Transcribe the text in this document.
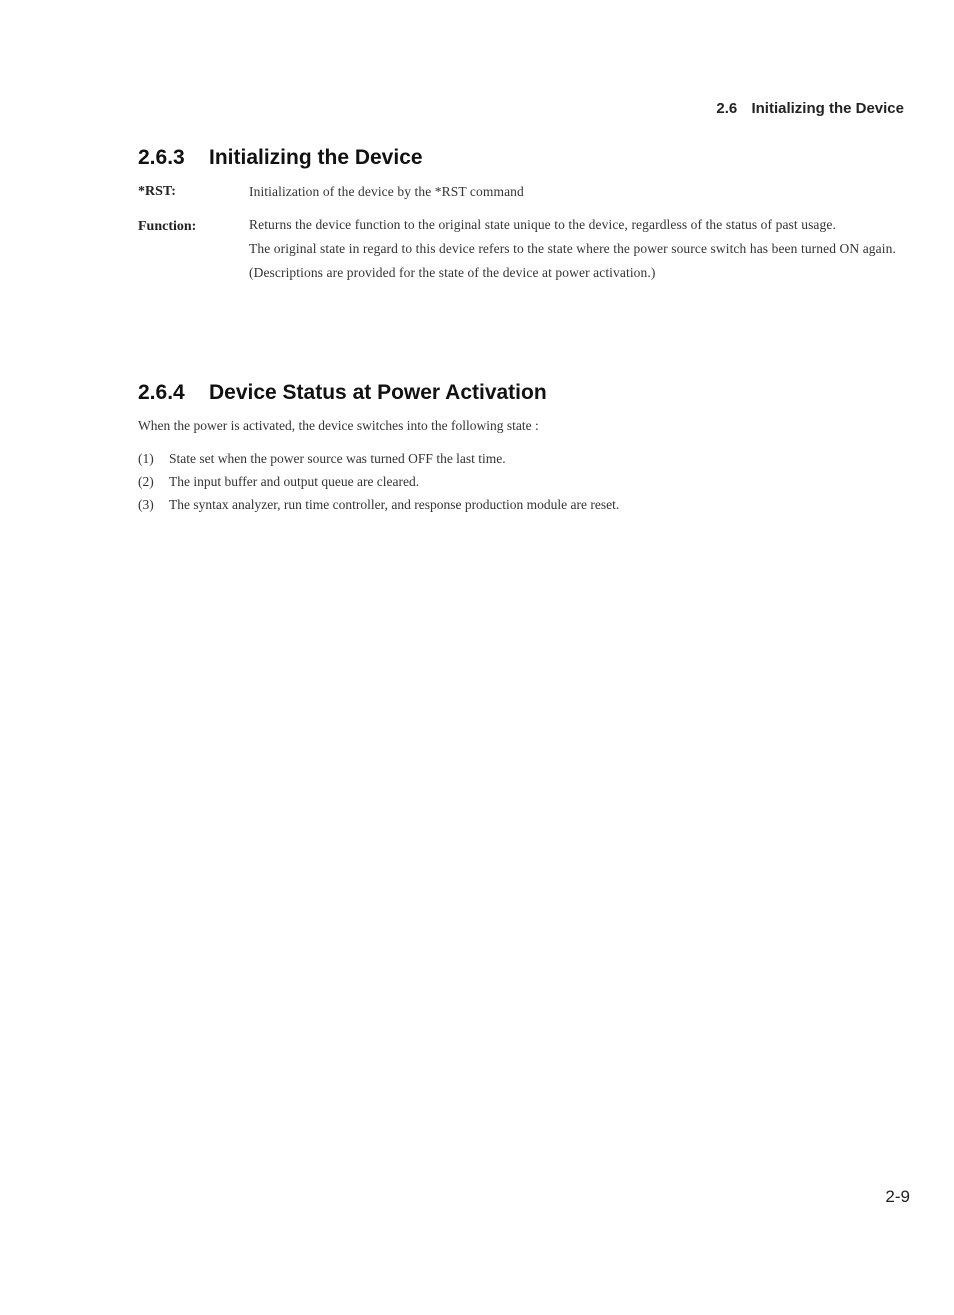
2.6 Initializing the Device
2.6.3 Initializing the Device
*RST:	Initialization of the device by the *RST command

Function:	Returns the device function to the original state unique to the device, regardless of the status of past usage.

The original state in regard to this device refers to the state where the power source switch has been turned ON again.

(Descriptions are provided for the state of the device at power activation.)

2.6.4 Device Status at Power Activation
When the power is activated, the device switches into the following state :
(1) State set when the power source was turned OFF the last time.
(2) The input buffer and output queue are cleared.
(3) The syntax analyzer, run time controller, and response production module are reset.
2-9
